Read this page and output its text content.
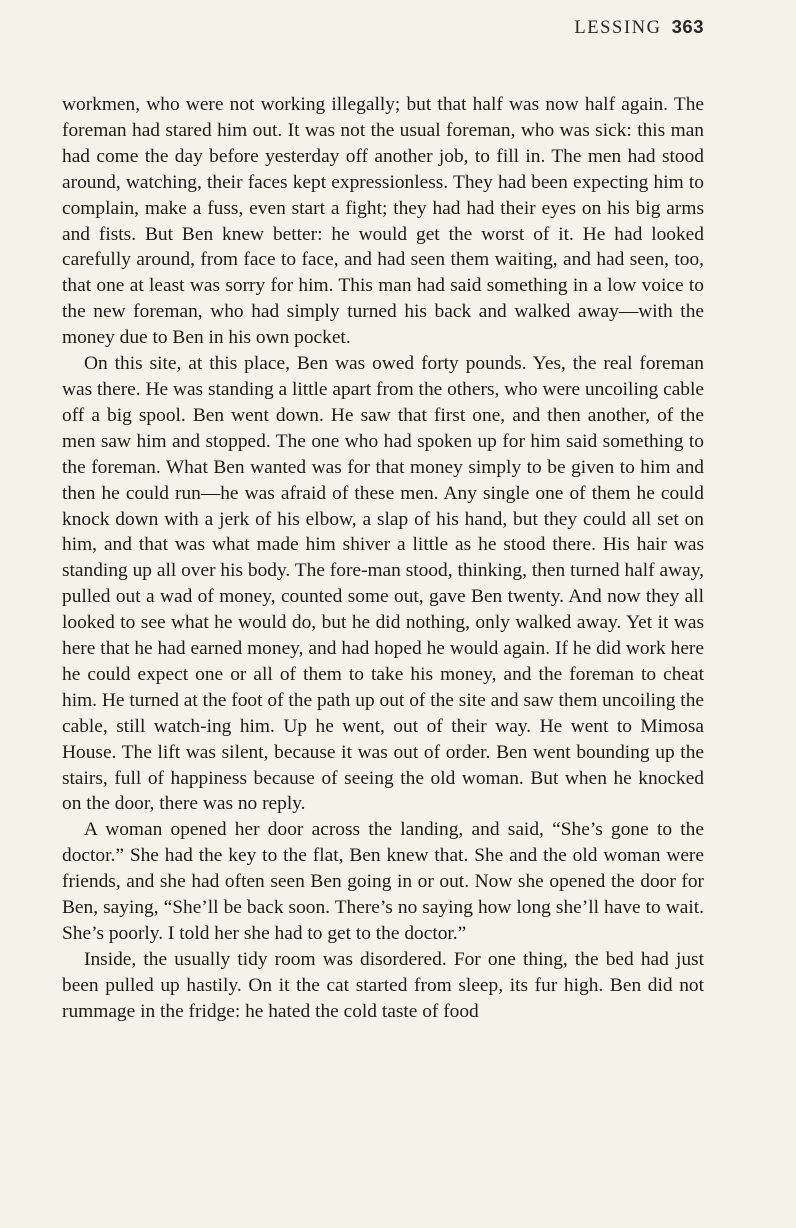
LESSING 363

workmen, who were not working illegally; but that half was now half again. The foreman had stared him out. It was not the usual foreman, who was sick: this man had come the day before yesterday off another job, to fill in. The men had stood around, watching, their faces kept expressionless. They had been expecting him to complain, make a fuss, even start a fight; they had had their eyes on his big arms and fists. But Ben knew better: he would get the worst of it. He had looked carefully around, from face to face, and had seen them waiting, and had seen, too, that one at least was sorry for him. This man had said something in a low voice to the new foreman, who had simply turned his back and walked away—with the money due to Ben in his own pocket.

On this site, at this place, Ben was owed forty pounds. Yes, the real foreman was there. He was standing a little apart from the others, who were uncoiling cable off a big spool. Ben went down. He saw that first one, and then another, of the men saw him and stopped. The one who had spoken up for him said something to the foreman. What Ben wanted was for that money simply to be given to him and then he could run—he was afraid of these men. Any single one of them he could knock down with a jerk of his elbow, a slap of his hand, but they could all set on him, and that was what made him shiver a little as he stood there. His hair was standing up all over his body. The fore-man stood, thinking, then turned half away, pulled out a wad of money, counted some out, gave Ben twenty. And now they all looked to see what he would do, but he did nothing, only walked away. Yet it was here that he had earned money, and had hoped he would again. If he did work here he could expect one or all of them to take his money, and the foreman to cheat him. He turned at the foot of the path up out of the site and saw them uncoiling the cable, still watch-ing him. Up he went, out of their way. He went to Mimosa House. The lift was silent, because it was out of order. Ben went bounding up the stairs, full of happiness because of seeing the old woman. But when he knocked on the door, there was no reply.

A woman opened her door across the landing, and said, “She’s gone to the doctor.” She had the key to the flat, Ben knew that. She and the old woman were friends, and she had often seen Ben going in or out. Now she opened the door for Ben, saying, “She’ll be back soon. There’s no saying how long she’ll have to wait. She’s poorly. I told her she had to get to the doctor.”

Inside, the usually tidy room was disordered. For one thing, the bed had just been pulled up hastily. On it the cat started from sleep, its fur high. Ben did not rummage in the fridge: he hated the cold taste of food
